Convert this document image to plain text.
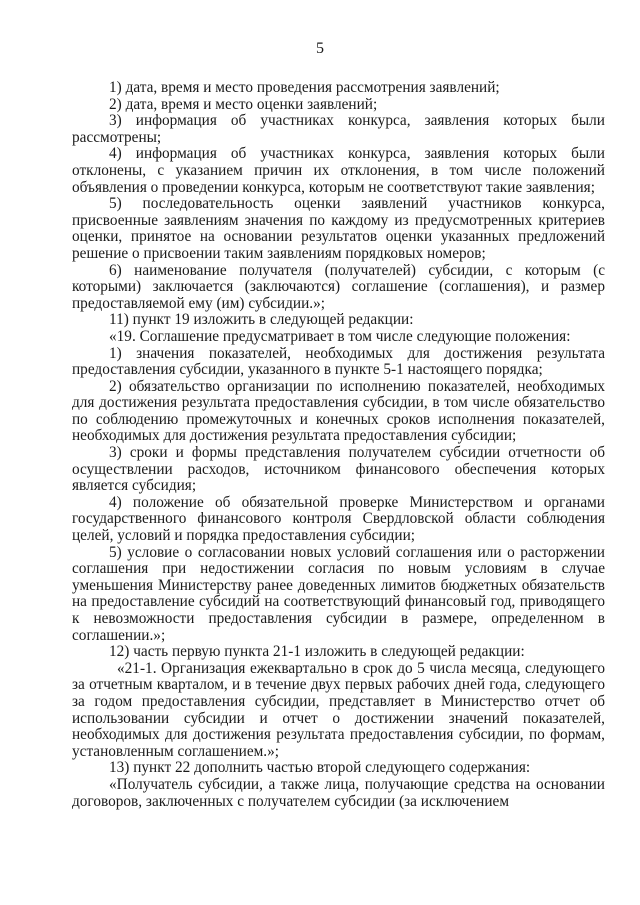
5

1) дата, время и место проведения рассмотрения заявлений;

2) дата, время и место оценки заявлений;

3) информация об участниках конкурса, заявления которых были рассмотрены;

4) информация об участниках конкурса, заявления которых были отклонены, с указанием причин их отклонения, в том числе положений объявления о проведении конкурса, которым не соответствуют такие заявления;

5) последовательность оценки заявлений участников конкурса, присвоенные заявлениям значения по каждому из предусмотренных критериев оценки, принятое на основании результатов оценки указанных предложений решение о присвоении таким заявлениям порядковых номеров;

6) наименование получателя (получателей) субсидии, с которым (с которыми) заключается (заключаются) соглашение (соглашения), и размер предоставляемой ему (им) субсидии.»;

11) пункт 19 изложить в следующей редакции:

«19. Соглашение предусматривает в том числе следующие положения:

1) значения показателей, необходимых для достижения результата предоставления субсидии, указанного в пункте 5-1 настоящего порядка;

2) обязательство организации по исполнению показателей, необходимых для достижения результата предоставления субсидии, в том числе обязательство по соблюдению промежуточных и конечных сроков исполнения показателей, необходимых для достижения результата предоставления субсидии;

3) сроки и формы представления получателем субсидии отчетности об осуществлении расходов, источником финансового обеспечения которых является субсидия;

4) положение об обязательной проверке Министерством и органами государственного финансового контроля Свердловской области соблюдения целей, условий и порядка предоставления субсидии;

5) условие о согласовании новых условий соглашения или о расторжении соглашения при недостижении согласия по новым условиям в случае уменьшения Министерству ранее доведенных лимитов бюджетных обязательств на предоставление субсидий на соответствующий финансовый год, приводящего к невозможности предоставления субсидии в размере, определенном в соглашении.»;

12) часть первую пункта 21-1 изложить в следующей редакции:

«21-1. Организация ежеквартально в срок до 5 числа месяца, следующего за отчетным кварталом, и в течение двух первых рабочих дней года, следующего за годом предоставления субсидии, представляет в Министерство отчет об использовании субсидии и отчет о достижении значений показателей, необходимых для достижения результата предоставления субсидии, по формам, установленным соглашением.»;

13) пункт 22 дополнить частью второй следующего содержания:

«Получатель субсидии, а также лица, получающие средства на основании договоров, заключенных с получателем субсидии (за исключением
